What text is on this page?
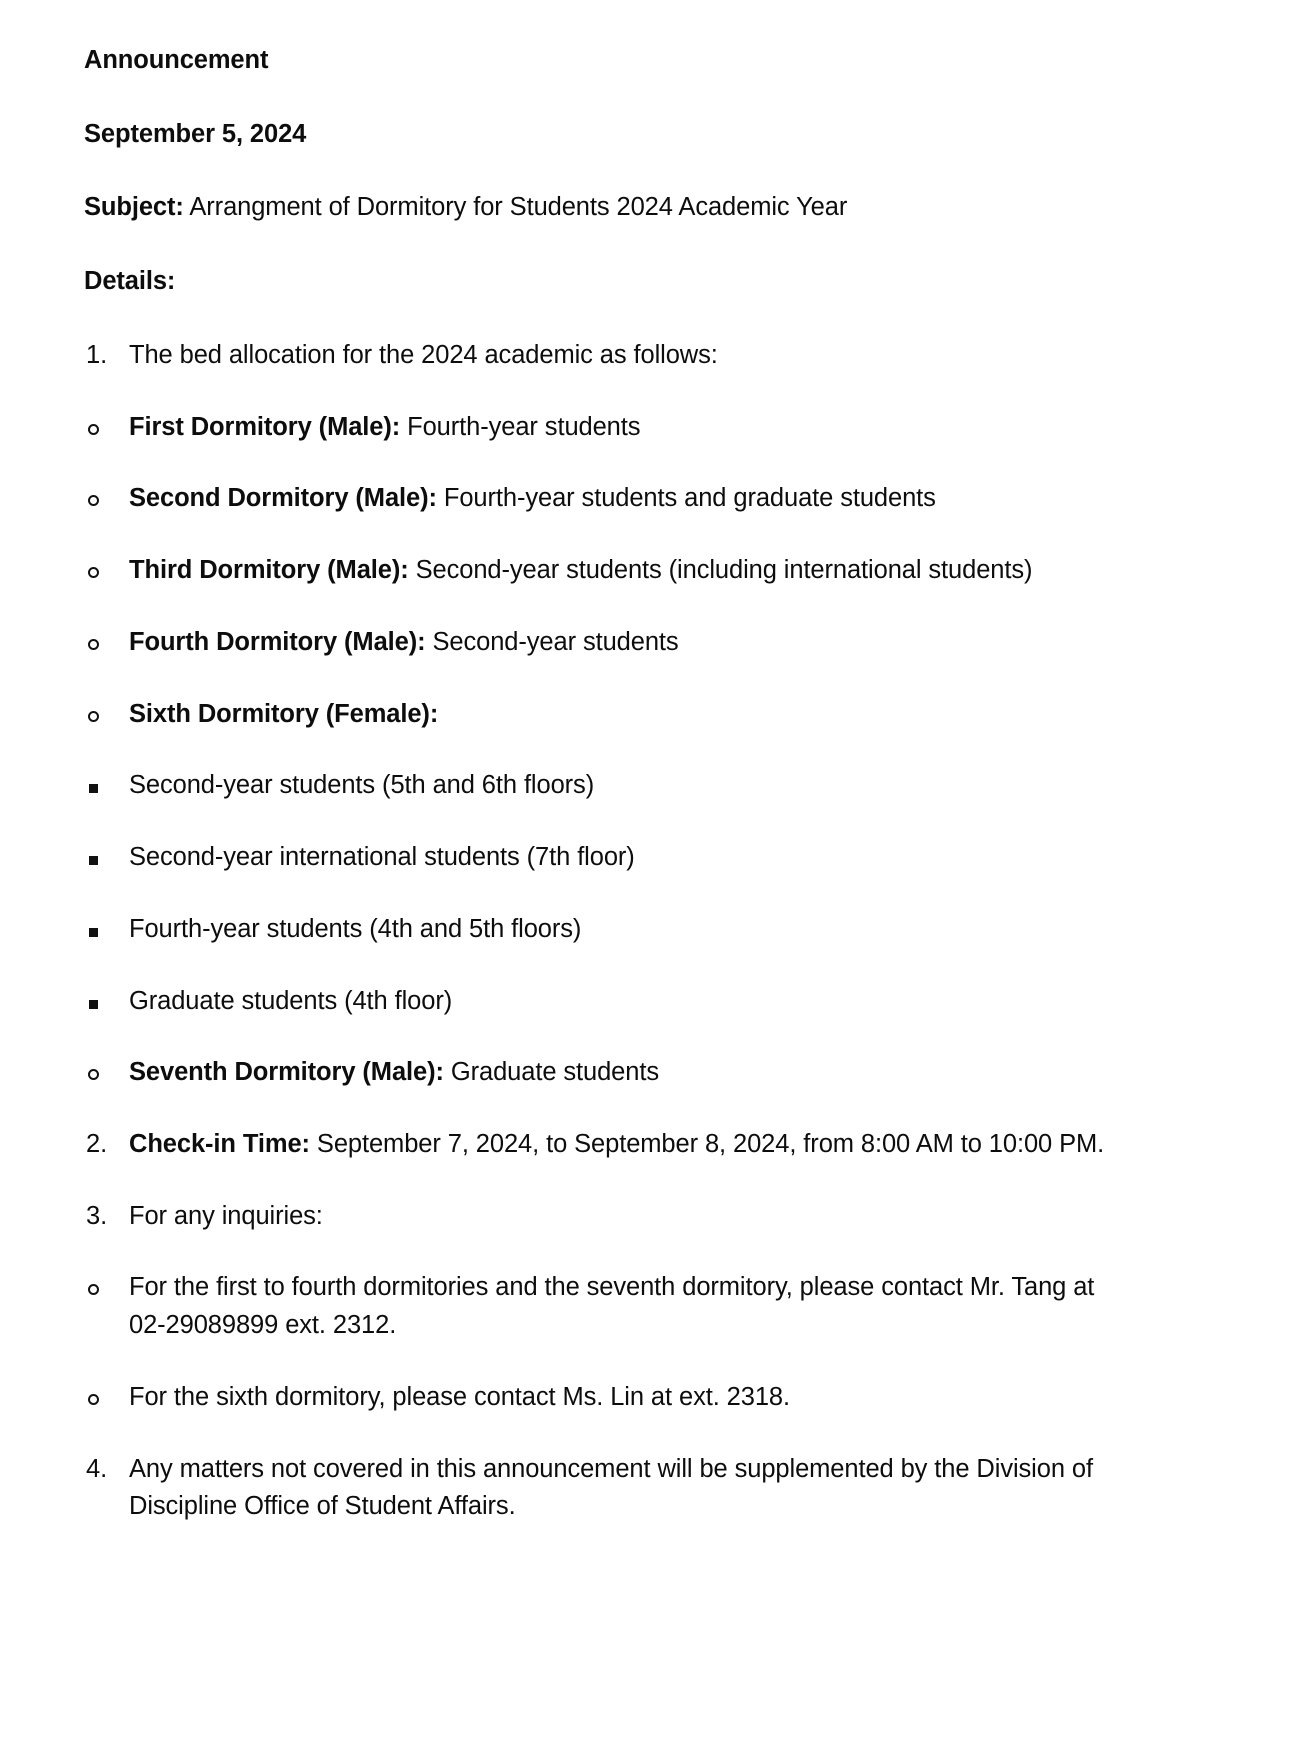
Announcement

September 5, 2024

Subject: Arrangment of Dormitory for Students 2024 Academic Year

Details:

1. The bed allocation for the 2024 academic as follows:
First Dormitory (Male): Fourth-year students
Second Dormitory (Male): Fourth-year students and graduate students
Third Dormitory (Male): Second-year students (including international students)
Fourth Dormitory (Male): Second-year students
Sixth Dormitory (Female):
Second-year students (5th and 6th floors)
Second-year international students (7th floor)
Fourth-year students (4th and 5th floors)
Graduate students (4th floor)
Seventh Dormitory (Male): Graduate students
2. Check-in Time: September 7, 2024, to September 8, 2024, from 8:00 AM to 10:00 PM.
3. For any inquiries:
For the first to fourth dormitories and the seventh dormitory, please contact Mr. Tang at 02-29089899 ext. 2312.
For the sixth dormitory, please contact Ms. Lin at ext. 2318.
4. Any matters not covered in this announcement will be supplemented by the Division of Discipline Office of Student Affairs.
